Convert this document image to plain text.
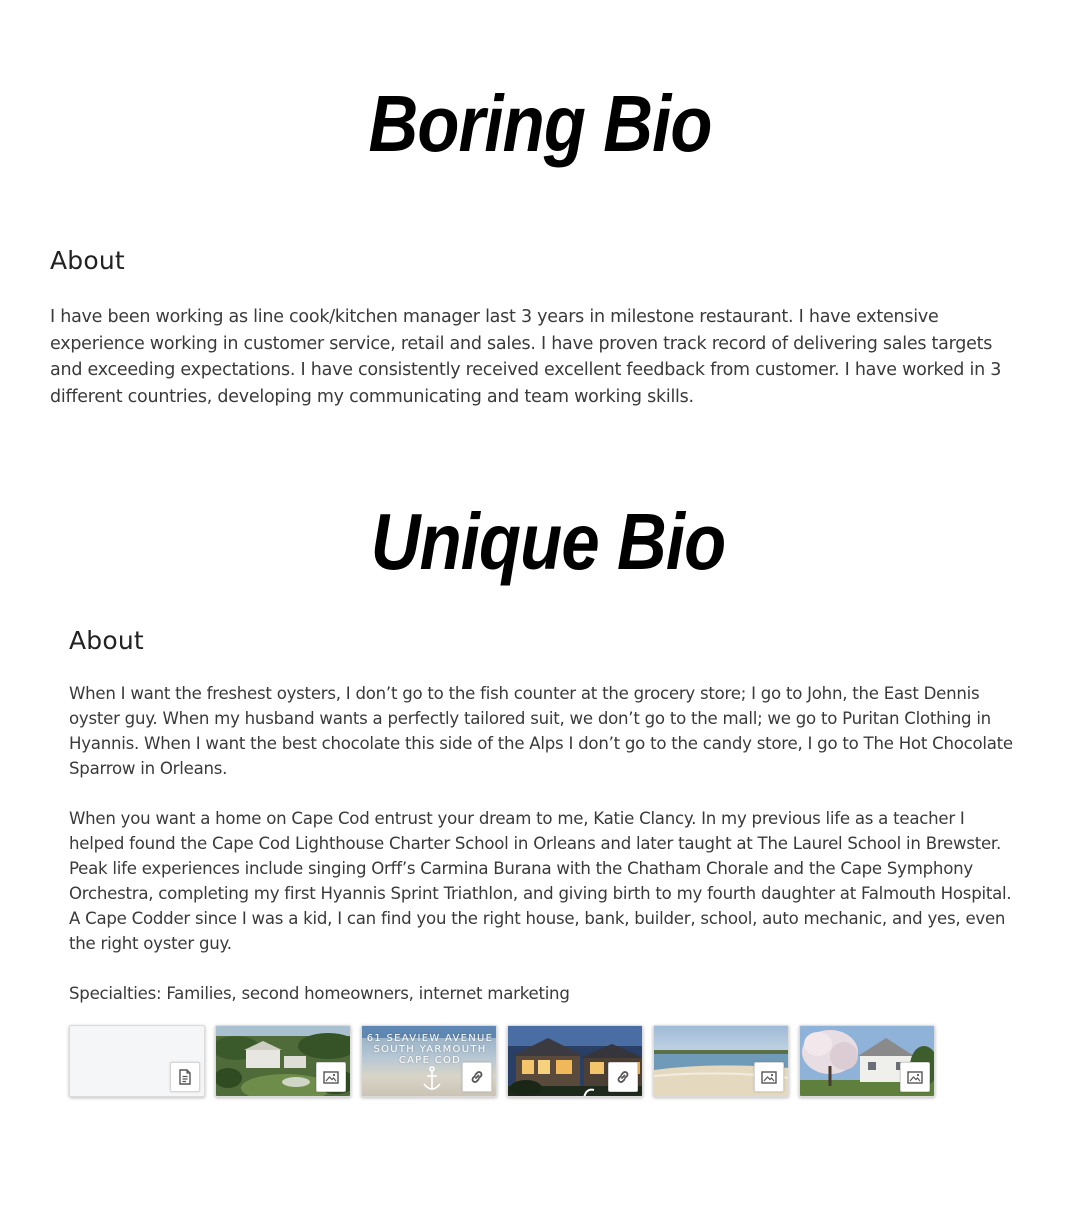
Boring Bio
About

I have been working as line cook/kitchen manager last 3 years in milestone restaurant. I have extensive experience working in customer service, retail and sales. I have proven track record of delivering sales targets and exceeding expectations. I have consistently received excellent feedback from customer. I have worked in 3 different countries, developing my communicating and team working skills.

Unique Bio
About

When I want the freshest oysters, I don’t go to the fish counter at the grocery store; I go to John, the East Dennis oyster guy. When my husband wants a perfectly tailored suit, we don’t go to the mall; we go to Puritan Clothing in Hyannis. When I want the best chocolate this side of the Alps I don’t go to the candy store, I go to The Hot Chocolate Sparrow in Orleans.

When you want a home on Cape Cod entrust your dream to me, Katie Clancy. In my previous life as a teacher I helped found the Cape Cod Lighthouse Charter School in Orleans and later taught at The Laurel School in Brewster. Peak life experiences include singing Orff’s Carmina Burana with the Chatham Chorale and the Cape Symphony Orchestra, completing my first Hyannis Sprint Triathlon, and giving birth to my fourth daughter at Falmouth Hospital. A Cape Codder since I was a kid, I can find you the right house, bank, builder, school, auto mechanic, and yes, even the right oyster guy.

Specialties: Families, second homeowners, internet marketing

61 SEAVIEW AVENUE
SOUTH YARMOUTH
CAPE COD
